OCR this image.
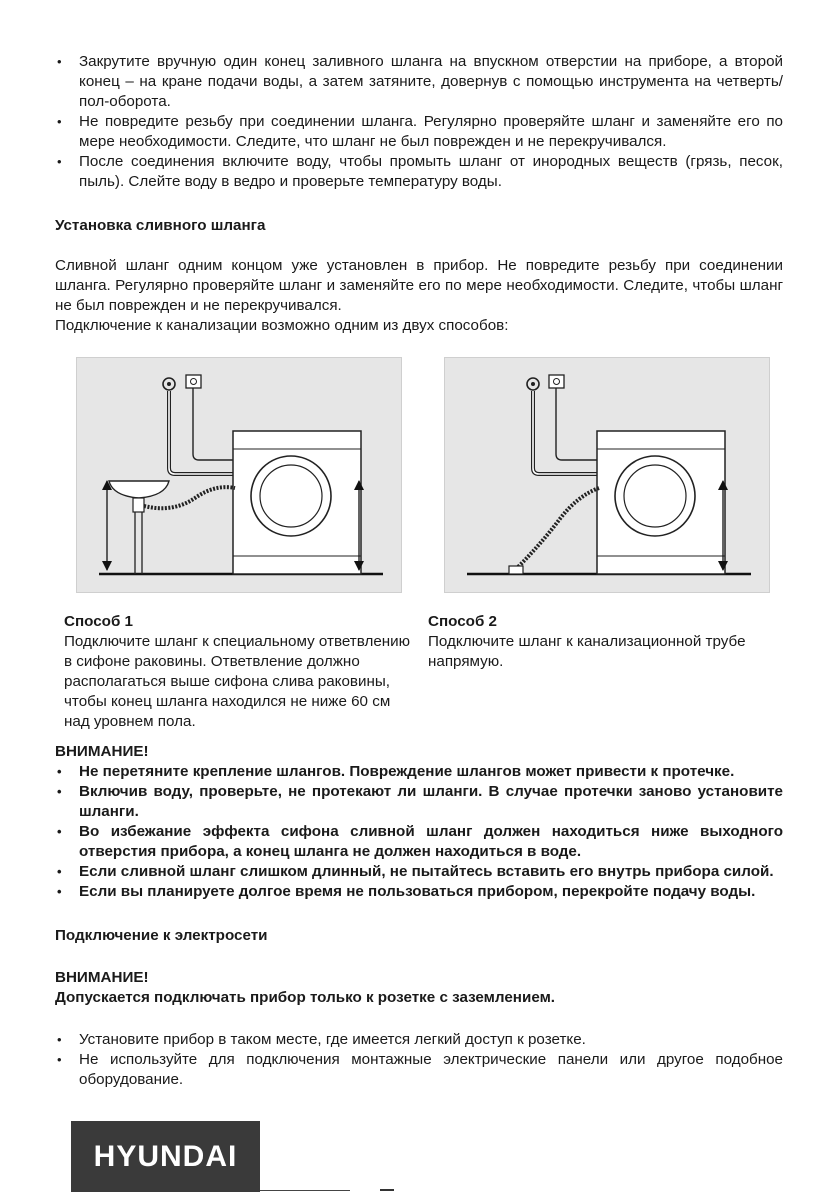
• Закрутите вручную один конец заливного шланга на впускном отверстии на приборе, а второй конец – на кране подачи воды, а затем затяните, довернув с помощью инструмента на четверть/пол-оборота.
• Не повредите резьбу при соединении шланга. Регулярно проверяйте шланг и заменяйте его по мере необходимости. Следите, что шланг не был поврежден и не перекручивался.
• После соединения включите воду, чтобы промыть шланг от инородных веществ (грязь, песок, пыль). Слейте воду в ведро и проверьте температуру воды.

Установка сливного шланга

Сливной шланг одним концом уже установлен в прибор. Не повредите резьбу при соединении шланга. Регулярно проверяйте шланг и заменяйте его по мере необходимости. Следите, чтобы шланг не был поврежден и не перекручивался.

Подключение к канализации возможно одним из двух способов:

Способ 1

Подключите шланг к специальному ответвлению в сифоне раковины. Ответвление должно располагаться выше сифона слива раковины, чтобы конец шланга находился не ниже 60 см над уровнем пола.

Способ 2

Подключите шланг к канализационной трубе напрямую.

ВНИМАНИЕ!

• Не перетяните крепление шлангов. Повреждение шлангов может привести к протечке.
• Включив воду, проверьте, не протекают ли шланги. В случае протечки заново установите шланги.
• Во избежание эффекта сифона сливной шланг должен находиться ниже выходного отверстия прибора, а конец шланга не должен находиться в воде.
• Если сливной шланг слишком длинный, не пытайтесь вставить его внутрь прибора силой.
• Если вы планируете долгое время не пользоваться прибором, перекройте подачу воды.

Подключение к электросети

ВНИМАНИЕ!

Допускается подключать прибор только к розетке с заземлением.

• Установите прибор в таком месте, где имеется легкий доступ к розетке.
• Не используйте для подключения монтажные электрические панели или другое подобное оборудование.
HYUNDAI
